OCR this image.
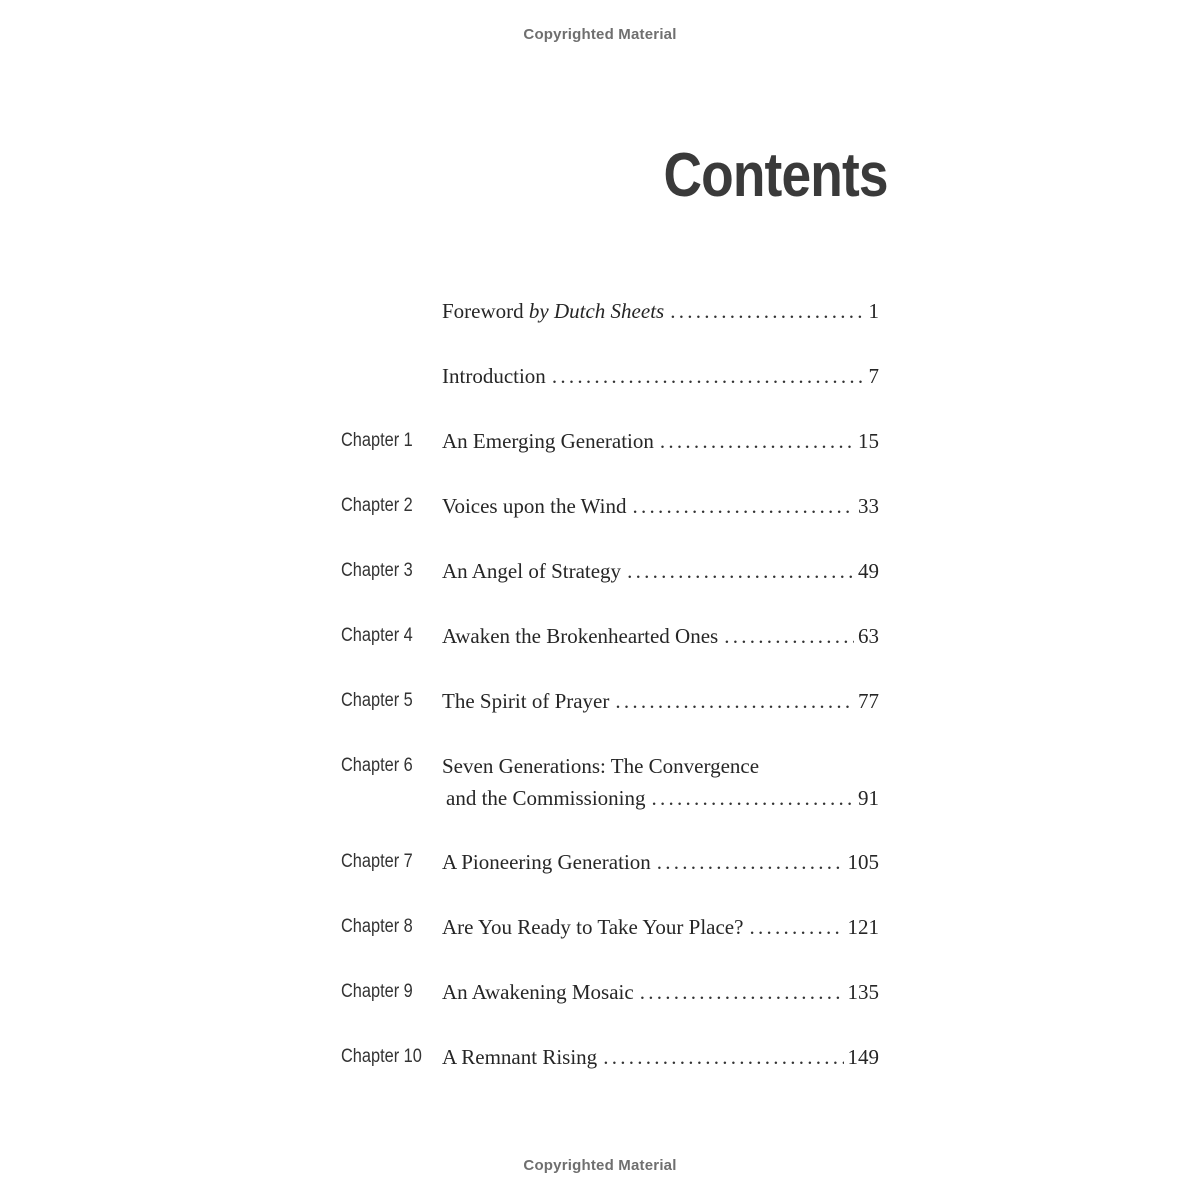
Copyrighted Material
Contents
Foreword by Dutch Sheets . . .	1
Introduction . . .	7
Chapter 1 An Emerging Generation . . .	15
Chapter 2 Voices upon the Wind . . .	33
Chapter 3 An Angel of Strategy . . .	49
Chapter 4 Awaken the Brokenhearted Ones . . .	63
Chapter 5 The Spirit of Prayer . . .	77
Chapter 6 Seven Generations: The Convergence
and the Commissioning . . .	91
Chapter 7 A Pioneering Generation . . .	105
Chapter 8 Are You Ready to Take Your Place? . . .	121
Chapter 9 An Awakening Mosaic . . .	135
Chapter 10 A Remnant Rising . . .	149
Copyrighted Material
